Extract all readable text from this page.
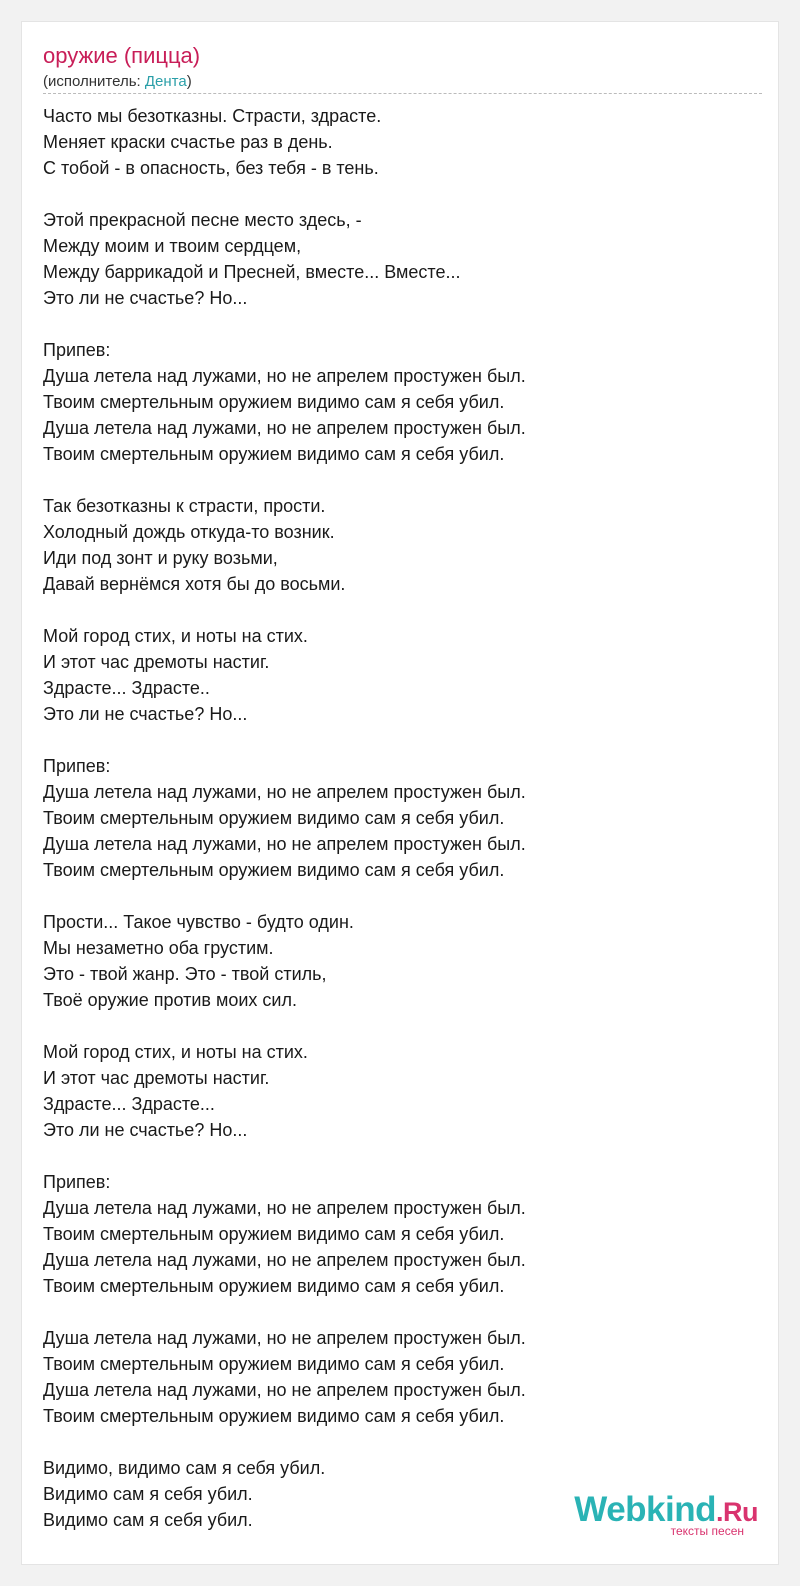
оружие (пицца)
(исполнитель: Дента)
Часто мы безотказны. Страсти, здрасте.
Меняет краски счастье раз в день.
С тобой - в опасность, без тебя - в тень.
Этой прекрасной песне место здесь, -
Между моим и твоим сердцем,
Между баррикадой и Пресней, вместе... Вместе...
Это ли не счастье? Но...
Припев:
Душа летела над лужами, но не апрелем простужен был.
Твоим смертельным оружием видимо сам я себя убил.
Душа летела над лужами, но не апрелем простужен был.
Твоим смертельным оружием видимо сам я себя убил.
Так безотказны к страсти, прости.
Холодный дождь откуда-то возник.
Иди под зонт и руку возьми,
Давай вернёмся хотя бы до восьми.
Мой город стих, и ноты на стих.
И этот час дремоты настиг.
Здрасте... Здрасте..
Это ли не счастье? Но...
Припев:
Душа летела над лужами, но не апрелем простужен был.
Твоим смертельным оружием видимо сам я себя убил.
Душа летела над лужами, но не апрелем простужен был.
Твоим смертельным оружием видимо сам я себя убил.
Прости... Такое чувство - будто один.
Мы незаметно оба грустим.
Это - твой жанр. Это - твой стиль,
Твоё оружие против моих сил.
Мой город стих, и ноты на стих.
И этот час дремоты настиг.
Здрасте... Здрасте...
Это ли не счастье? Но...
Припев:
Душа летела над лужами, но не апрелем простужен был.
Твоим смертельным оружием видимо сам я себя убил.
Душа летела над лужами, но не апрелем простужен был.
Твоим смертельным оружием видимо сам я себя убил.
Душа летела над лужами, но не апрелем простужен был.
Твоим смертельным оружием видимо сам я себя убил.
Душа летела над лужами, но не апрелем простужен был.
Твоим смертельным оружием видимо сам я себя убил.
Видимо, видимо сам я себя убил.
Видимо сам я себя убил.
Видимо сам я себя убил.	Webkind.Ru
тексты песен
